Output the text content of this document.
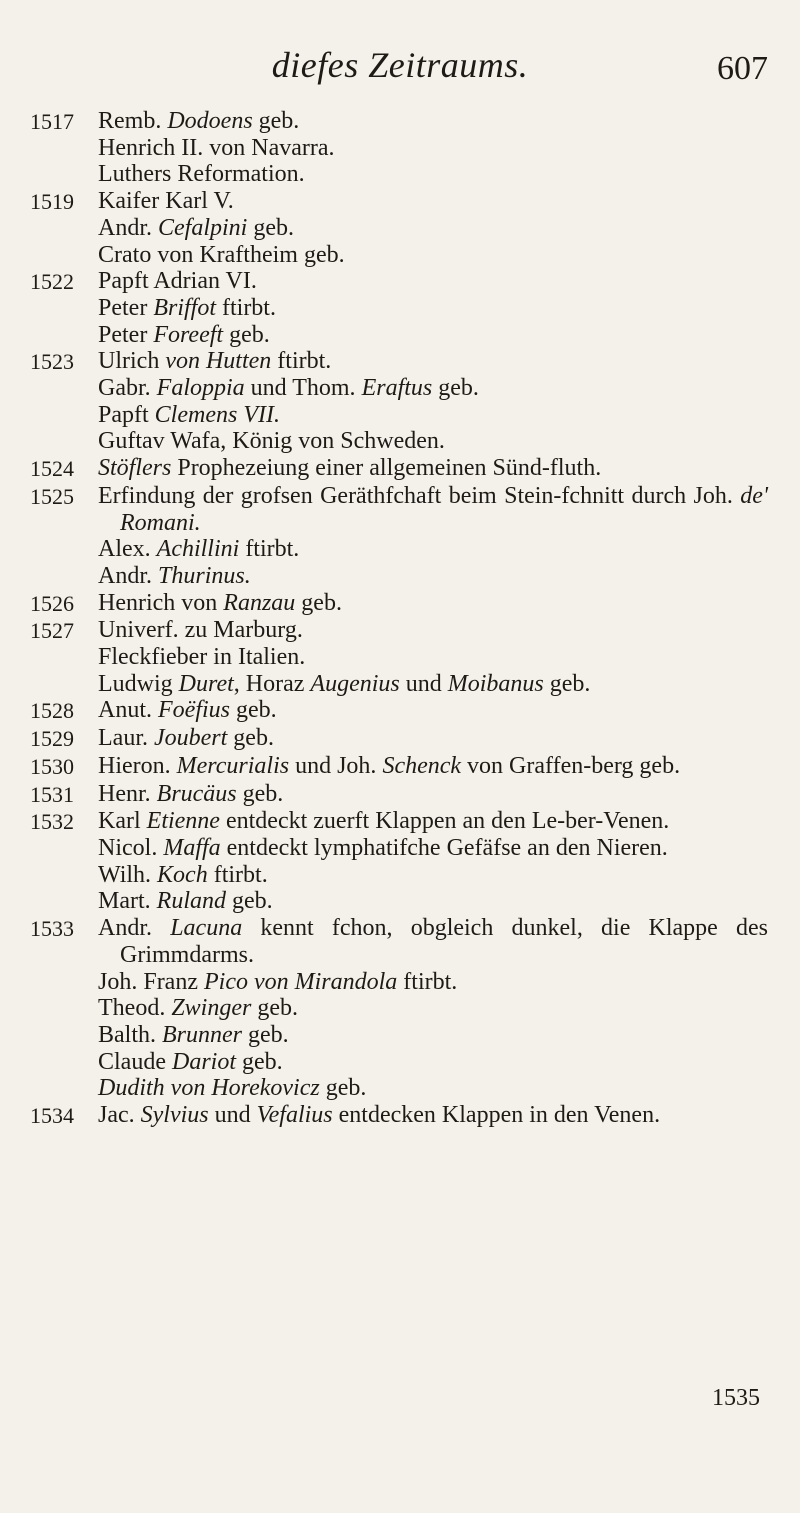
diefes Zeitraums.	607
1517	Remb. Dodoens geb.
Henrich II. von Navarra.
Luthers Reformation.
1519	Kaifer Karl V.
Andr. Cefalpini geb.
Crato von Kraftheim geb.
1522	Papft Adrian VI.
Peter Briffot ftirbt.
Peter Foreeft geb.
1523	Ulrich von Hutten ftirbt.
Gabr. Faloppia und Thom. Eraftus geb.
Papft Clemens VII.
Guftav Wafa, König von Schweden.
1524	Stöflers Prophezeiung einer allgemeinen Sünd-fluth.
1525	Erfindung der grofsen Geräthfchaft beim Stein-fchnitt durch Joh. de' Romani.
Alex. Achillini ftirbt.
Andr. Thurinus.
1526	Henrich von Ranzau geb.
1527	Univerf. zu Marburg.
Fleckfieber in Italien.
Ludwig Duret, Horaz Augenius und Moibanus geb.
1528	Anut. Foëfius geb.
1529	Laur. Joubert geb.
1530	Hieron. Mercurialis und Joh. Schenck von Graffen-berg geb.
1531	Henr. Brucäus geb.
1532	Karl Etienne entdeckt zuerft Klappen an den Le-ber-Venen.
Nicol. Maffa entdeckt lymphatifche Gefäfse an den Nieren.
Wilh. Koch ftirbt.
Mart. Ruland geb.
1533	Andr. Lacuna kennt fchon, obgleich dunkel, die Klappe des Grimmdarms.
Joh. Franz Pico von Mirandola ftirbt.
Theod. Zwinger geb.
Balth. Brunner geb.
Claude Dariot geb.
Dudith von Horekovicz geb.
1534	Jac. Sylvius und Vefalius entdecken Klappen in den Venen.
1535
